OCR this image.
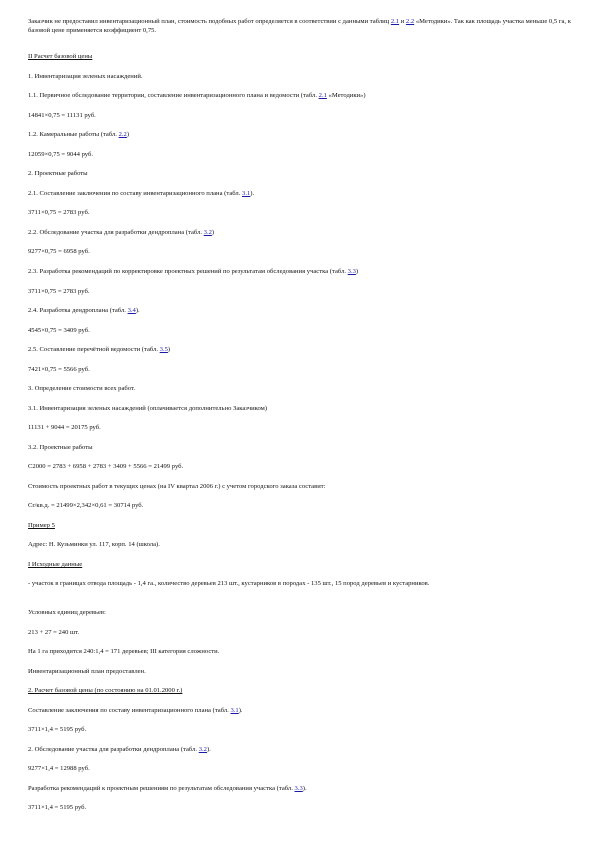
Заказчик не предоставил инвентаризационный план, стоимость подобных работ определяется в соответствии с данными таблиц 2.1 и 2.2 «Методики». Так как площадь участка меньше 0,5 га, к базовой цене применяется коэффициент 0,75.
II Расчет базовой цены
1. Инвентаризация зеленых насаждений.
1.1. Первичное обследование территории, составление инвентаризационного плана и ведомости (табл. 2.1 «Методики»)
14841×0,75 = 11131 руб.
1.2. Камеральные работы (табл. 2.2)
12059×0,75 = 9044 руб.
2. Проектные работы
2.1. Составление заключения по составу инвентаризационного плана (табл. 3.1).
3711×0,75 = 2783 руб.
2.2. Обследование участка для разработки дендроплана (табл. 3.2)
9277×0,75 = 6958 руб.
2.3. Разработка рекомендаций по корректировке проектных решений по результатам обследования участка (табл. 3.3)
3711×0,75 = 2783 руб.
2.4. Разработка дендроплана (табл. 3.4).
4545×0,75 = 3409 руб.
2.5. Составление перечётной ведомости (табл. 3.5)
7421×0,75 = 5566 руб.
3. Определение стоимости всех работ.
3.1. Инвентаризация зеленых насаждений (оплачивается дополнительно Заказчиком)
11131 + 9044 = 20175 руб.
3.2. Проектные работы
С2000 = 2783 + 6958 + 2783 + 3409 + 5566 = 21499 руб.
Стоимость проектных работ в текущих ценах (на IV квартал 2006 г.) с учетом городского заказа составит:
Сr/кв.д. = 21499×2,342×0,61 = 30714 руб.
Пример 5
Адрес: Н. Кузьминки ул. 117, корп. 14 (школа).
I Исходные данные
- участок в границах отвода площадь - 1,4 га., количество деревьев 213 шт., кустарников в породах - 135 шт., 15 пород деревьев и кустарников.
Условных единиц деревьев:
213 + 27 = 240 шт.
На 1 га приходится 240:1,4 = 171 деревьев; III категория сложности.
Инвентаризационный план предоставлен.
2. Расчет базовой цены (по состоянию на 01.01.2000 г.)
Составление заключения по составу инвентаризационного плана (табл. 3.1).
3711×1,4 = 5195 руб.
2. Обследование участка для разработки дендроплана (табл. 3.2).
9277×1,4 = 12988 руб.
Разработка рекомендаций к проектным решениям по результатам обследования участка (табл. 3.3).
3711×1,4 = 5195 руб.
